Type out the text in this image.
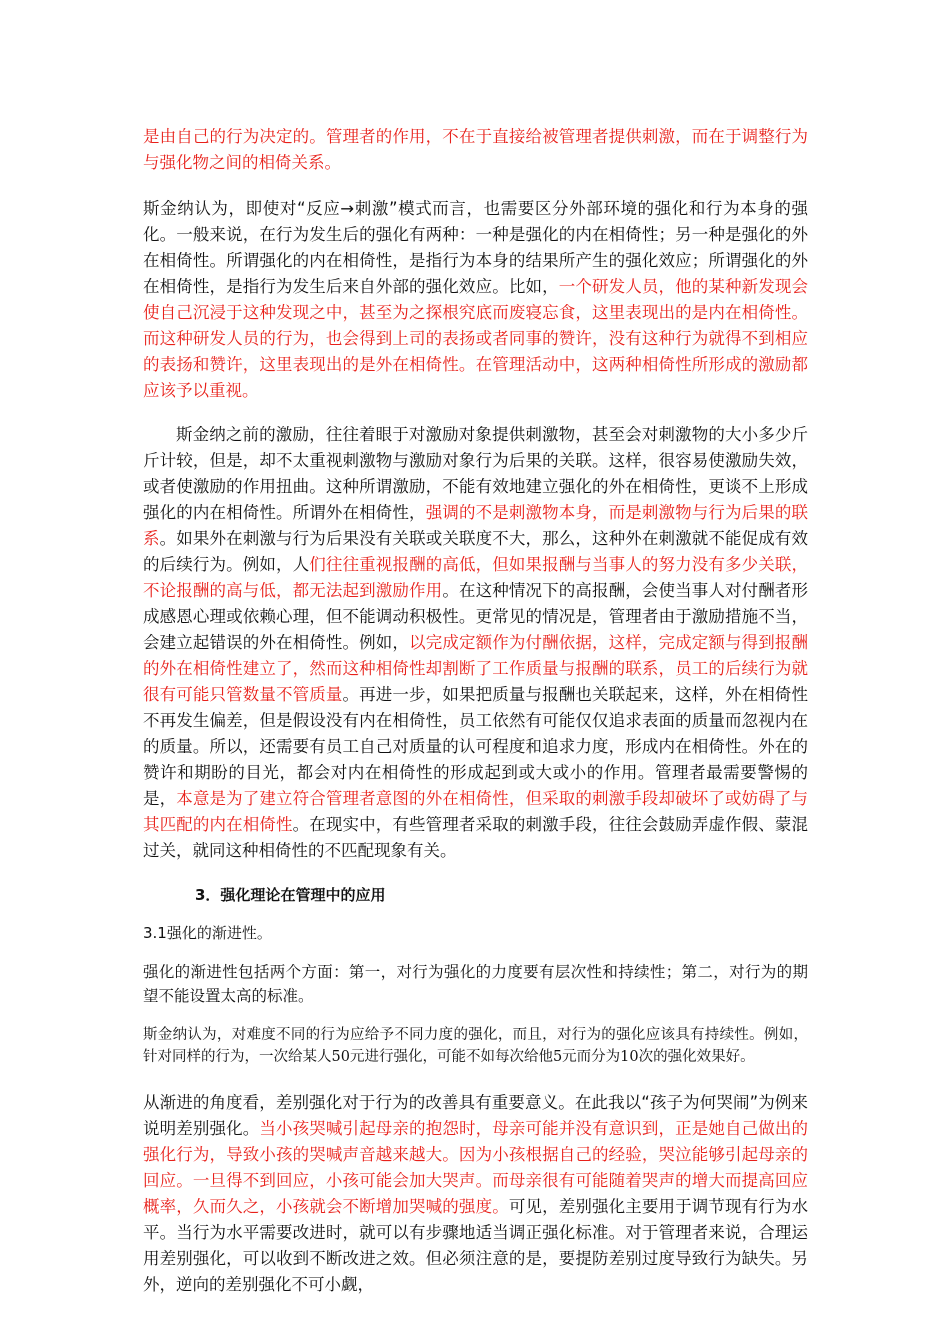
是由自己的行为决定的。管理者的作用，不在于直接给被管理者提供刺激，而在于调整行为与强化物之间的相倚关系。

斯金纳认为，即使对“反应→刺激”模式而言，也需要区分外部环境的强化和行为本身的强化。一般来说，在行为发生后的强化有两种：一种是强化的内在相倚性；另一种是强化的外在相倚性。所谓强化的内在相倚性，是指行为本身的结果所产生的强化效应；所谓强化的外在相倚性，是指行为发生后来自外部的强化效应。比如，一个研发人员，他的某种新发现会使自己沉浸于这种发现之中，甚至为之探根究底而废寝忘食，这里表现出的是内在相倚性。而这种研发人员的行为，也会得到上司的表扬或者同事的赞许，没有这种行为就得不到相应的表扬和赞许，这里表现出的是外在相倚性。在管理活动中，这两种相倚性所形成的激励都应该予以重视。

斯金纳之前的激励，往往着眼于对激励对象提供刺激物，甚至会对刺激物的大小多少斤斤计较，但是，却不太重视刺激物与激励对象行为后果的关联。这样，很容易使激励失效，或者使激励的作用扭曲。这种所谓激励，不能有效地建立强化的外在相倚性，更谈不上形成强化的内在相倚性。所谓外在相倚性，强调的不是刺激物本身，而是刺激物与行为后果的联系。如果外在刺激与行为后果没有关联或关联度不大，那么，这种外在刺激就不能促成有效的后续行为。例如，人们往往重视报酬的高低，但如果报酬与当事人的努力没有多少关联，不论报酬的高与低，都无法起到激励作用。在这种情况下的高报酬，会使当事人对付酬者形成感恩心理或依赖心理，但不能调动积极性。更常见的情况是，管理者由于激励措施不当，会建立起错误的外在相倚性。例如，以完成定额作为付酬依据，这样，完成定额与得到报酬的外在相倚性建立了，然而这种相倚性却割断了工作质量与报酬的联系，员工的后续行为就很有可能只管数量不管质量。再进一步，如果把质量与报酬也关联起来，这样，外在相倚性不再发生偏差，但是假设没有内在相倚性，员工依然有可能仅仅追求表面的质量而忽视内在的质量。所以，还需要有员工自己对质量的认可程度和追求力度，形成内在相倚性。外在的赞许和期盼的目光，都会对内在相倚性的形成起到或大或小的作用。管理者最需要警惕的是，本意是为了建立符合管理者意图的外在相倚性，但采取的刺激手段却破坏了或妨碍了与其匹配的内在相倚性。在现实中，有些管理者采取的刺激手段，往往会鼓励弄虚作假、蒙混过关，就同这种相倚性的不匹配现象有关。

3．强化理论在管理中的应用

3.1强化的渐进性。

强化的渐进性包括两个方面：第一，对行为强化的力度要有层次性和持续性；第二，对行为的期望不能设置太高的标准。

斯金纳认为，对难度不同的行为应给予不同力度的强化，而且，对行为的强化应该具有持续性。例如，针对同样的行为，一次给某人50元进行强化，可能不如每次给他5元而分为10次的强化效果好。

从渐进的角度看，差别强化对于行为的改善具有重要意义。在此我以“孩子为何哭闹”为例来说明差别强化。当小孩哭喊引起母亲的抱怨时，母亲可能并没有意识到，正是她自己做出的强化行为，导致小孩的哭喊声音越来越大。因为小孩根据自己的经验，哭泣能够引起母亲的回应。一旦得不到回应，小孩可能会加大哭声。而母亲很有可能随着哭声的增大而提高回应概率，久而久之，小孩就会不断增加哭喊的强度。可见，差别强化主要用于调节现有行为水平。当行为水平需要改进时，就可以有步骤地适当调正强化标准。对于管理者来说，合理运用差别强化，可以收到不断改进之效。但必须注意的是，要提防差别过度导致行为缺失。另外，逆向的差别强化不可小觑，
